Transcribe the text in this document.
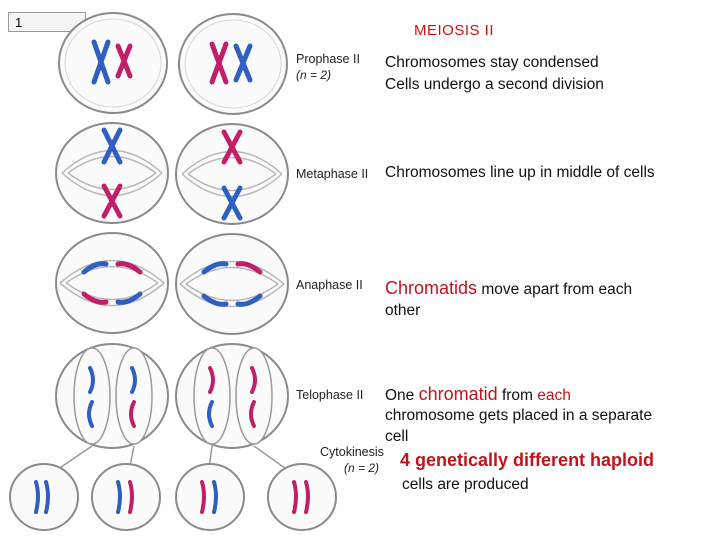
1	MEIOSIS II
Prophase II
(n = 2)
Metaphase II
Anaphase II
Telophase II
Cytokinesis
(n = 2)
Chromosomes stay condensed
Cells undergo a second division
Chromosomes line up in middle of cells
Chromatids move apart from each
other
One chromatid from each
chromosome gets placed in a separate
cell
4 genetically different haploid
cells are produced
